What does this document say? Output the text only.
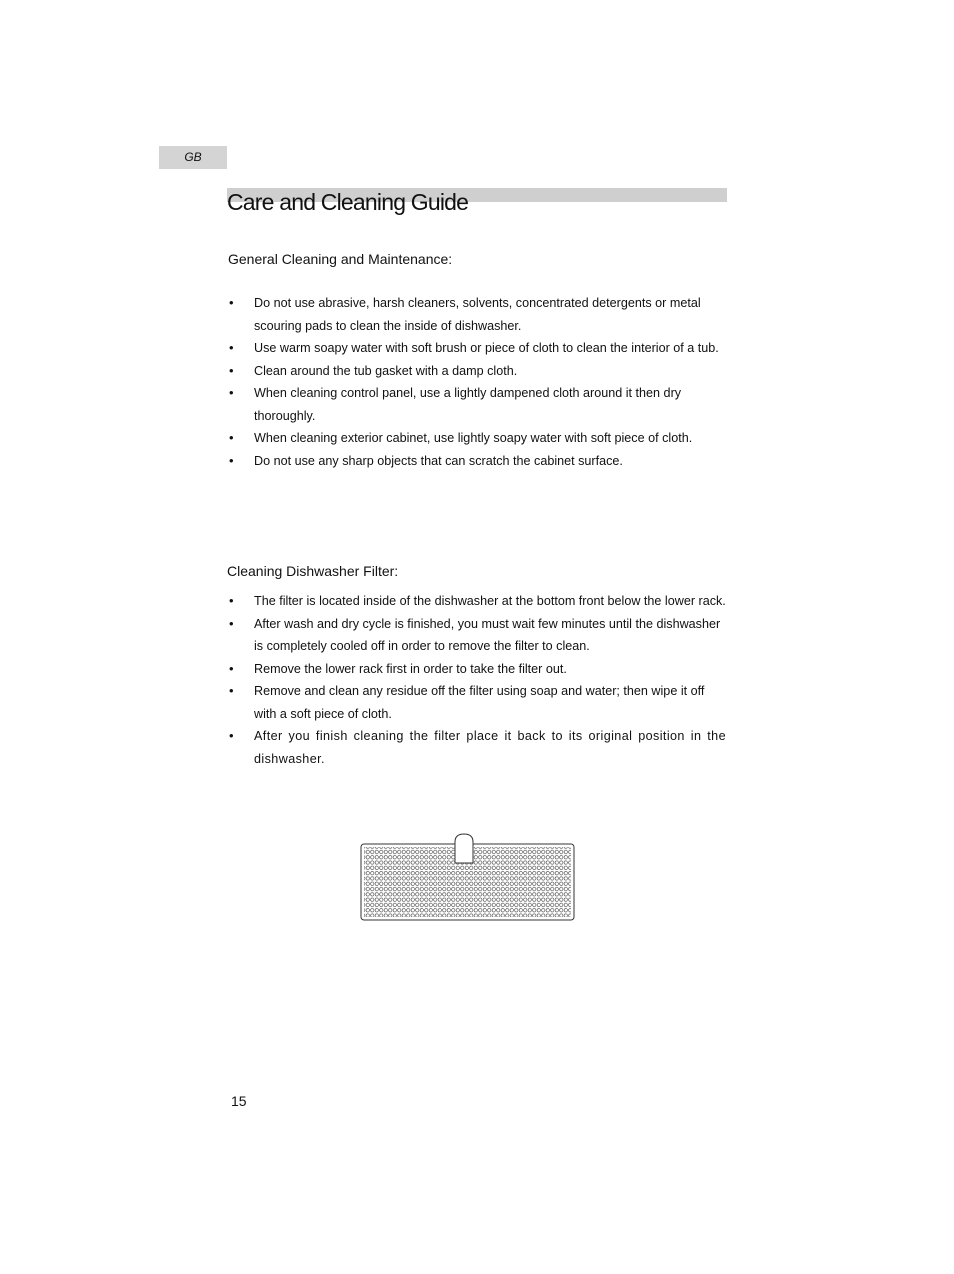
GB
Care and Cleaning Guide
General Cleaning and Maintenance:
• Do not use abrasive, harsh cleaners, solvents, concentrated detergents or metal scouring pads to clean the inside of dishwasher.
• Use warm soapy water with soft brush or piece of cloth to clean the interior of a tub.
• Clean around the tub gasket with a damp cloth.
• When cleaning control panel, use a lightly dampened cloth around it then dry thoroughly.
• When cleaning exterior cabinet, use lightly soapy water with soft piece of cloth.
• Do not use any sharp objects that can scratch the cabinet surface.
Cleaning Dishwasher Filter:
• The filter is located inside of the dishwasher at the bottom front below the lower rack.
• After wash and dry cycle is finished, you must wait few minutes until the dishwasher is completely cooled off in order to remove the filter to clean.
• Remove the lower rack first in order to take the filter out.
• Remove and clean any residue off the filter using soap and water; then wipe it off with a soft piece of cloth.
• After you finish cleaning the filter place it back to its original position in the dishwasher.
15
